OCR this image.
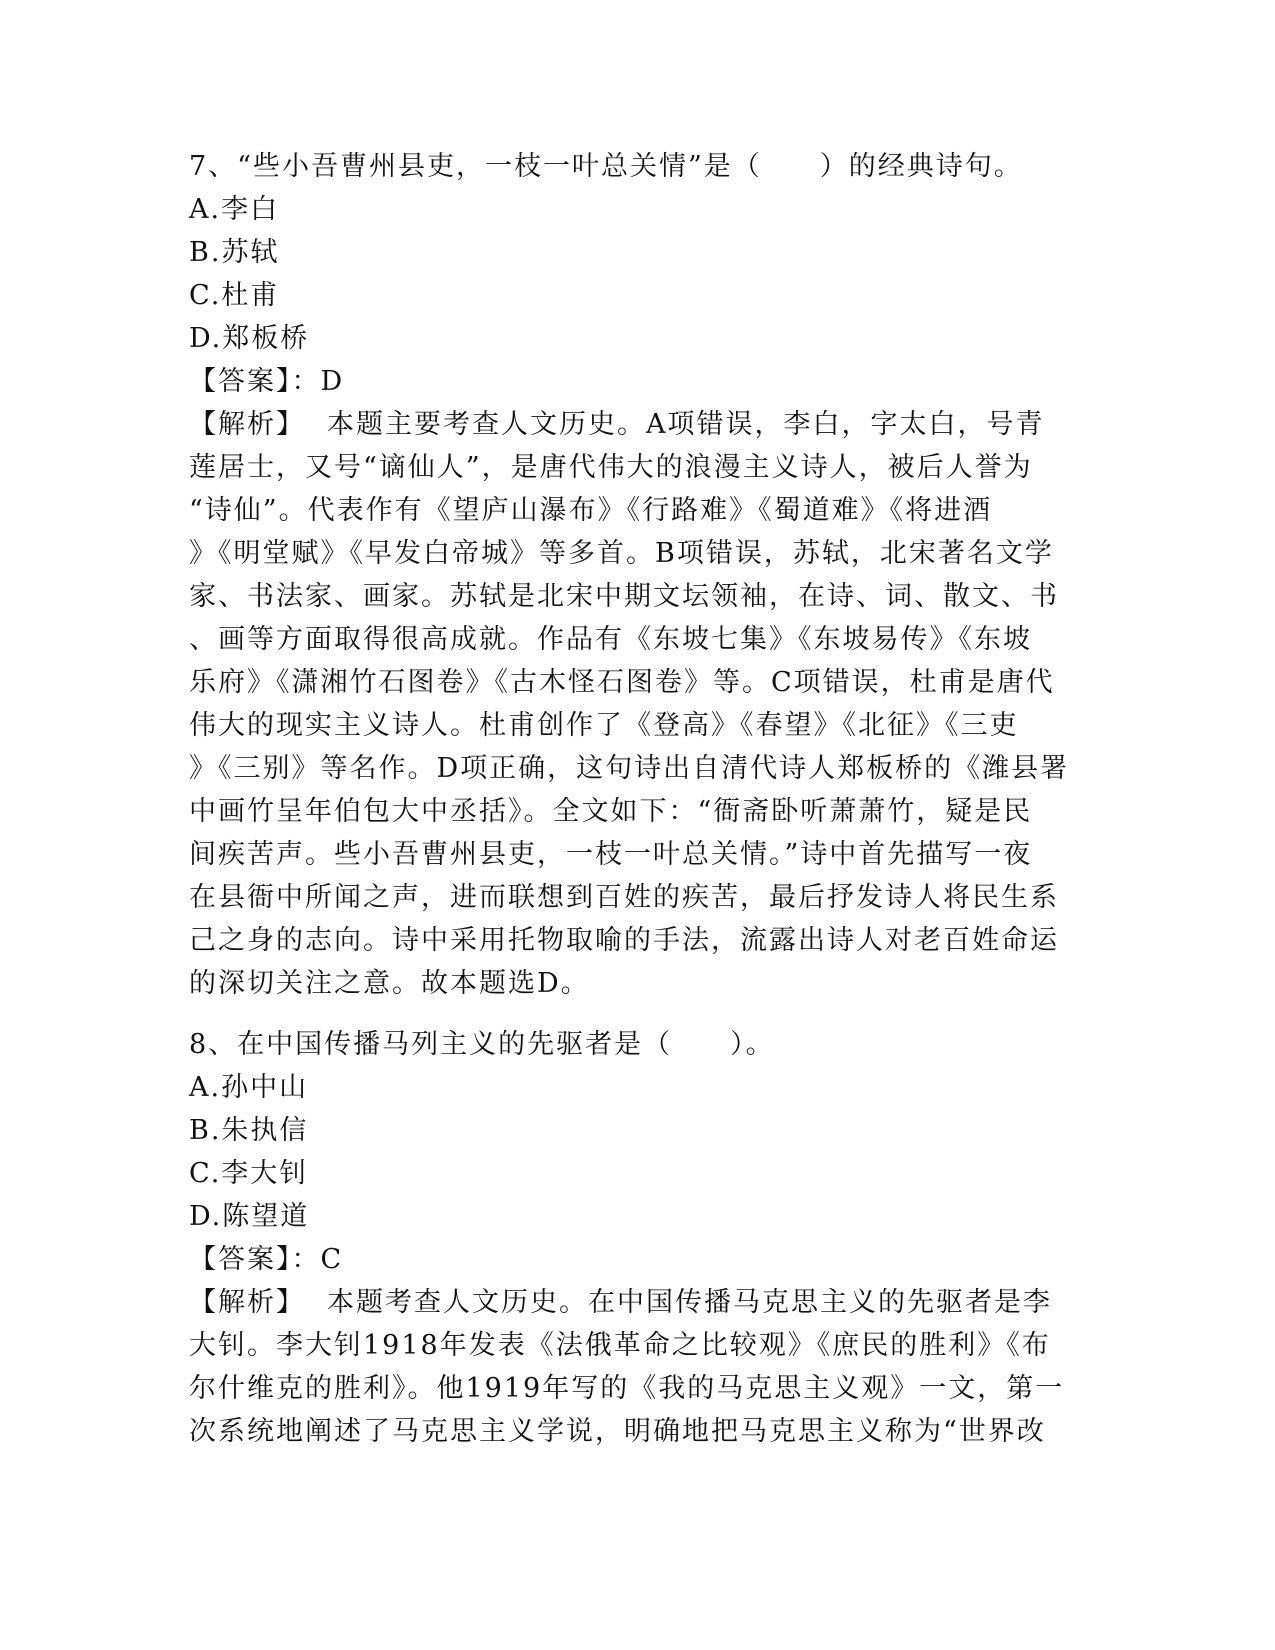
7、“些小吾曹州县吏，一枝一叶总关情”是（　　）的经典诗句。
A.李白
B.苏轼
C.杜甫
D.郑板桥
【答案】：D
【解析】 本题主要考查人文历史。A项错误，李白，字太白，号青
莲居士，又号“谪仙人”，是唐代伟大的浪漫主义诗人，被后人誉为
“诗仙”。代表作有《望庐山瀑布》《行路难》《蜀道难》《将进酒
》《明堂赋》《早发白帝城》等多首。B项错误，苏轼，北宋著名文学
家、书法家、画家。苏轼是北宋中期文坛领袖，在诗、词、散文、书
、画等方面取得很高成就。作品有《东坡七集》《东坡易传》《东坡
乐府》《潇湘竹石图卷》《古木怪石图卷》等。C项错误，杜甫是唐代
伟大的现实主义诗人。杜甫创作了《登高》《春望》《北征》《三吏
》《三别》等名作。D项正确，这句诗出自清代诗人郑板桥的《潍县署
中画竹呈年伯包大中丞括》。全文如下：“衙斋卧听萧萧竹，疑是民
间疾苦声。些小吾曹州县吏，一枝一叶总关情。”诗中首先描写一夜
在县衙中所闻之声，进而联想到百姓的疾苦，最后抒发诗人将民生系
己之身的志向。诗中采用托物取喻的手法，流露出诗人对老百姓命运
的深切关注之意。故本题选D。
8、在中国传播马列主义的先驱者是（　　）。
A.孙中山
B.朱执信
C.李大钊
D.陈望道
【答案】：C
【解析】 本题考查人文历史。在中国传播马克思主义的先驱者是李
大钊。李大钊1918年发表《法俄革命之比较观》《庶民的胜利》《布
尔什维克的胜利》。他1919年写的《我的马克思主义观》一文，第一
次系统地阐述了马克思主义学说，明确地把马克思主义称为“世界改
